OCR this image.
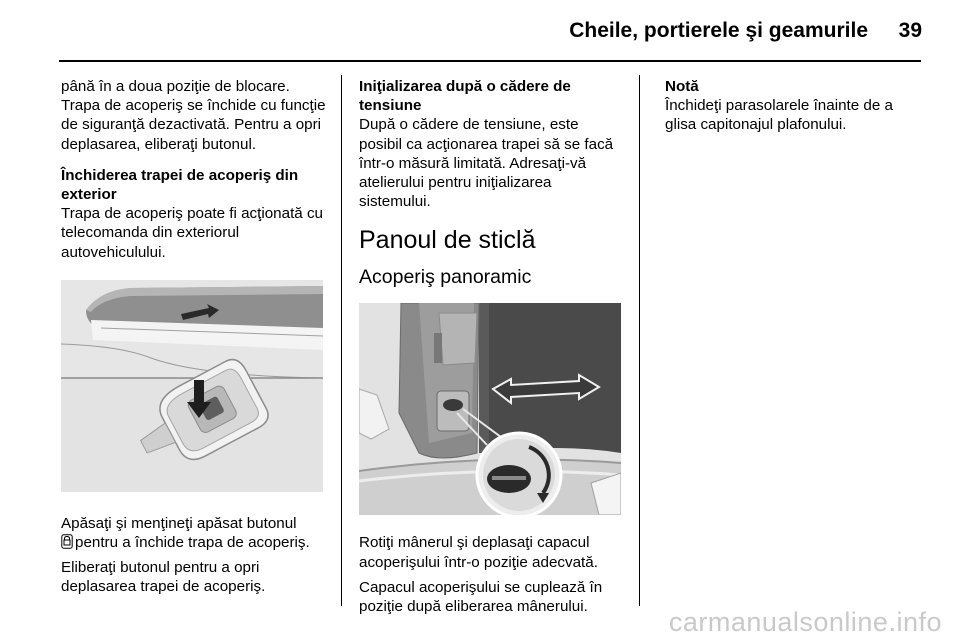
Cheile, portierele şi geamurile 39

până în a doua poziţie de blocare. Trapa de acoperiş se închide cu funcţie de siguranţă dezactivată. Pentru a opri deplasarea, eliberaţi butonul.

Închiderea trapei de acoperiş din exterior
Trapa de acoperiş poate fi acţionată cu telecomanda din exteriorul autovehiculului.

Apăsaţi şi menţineţi apăsat butonul
pentru a închide trapa de acoperiş.

Eliberaţi butonul pentru a opri deplasarea trapei de acoperiş.

Iniţializarea după o cădere de tensiune
După o cădere de tensiune, este posibil ca acţionarea trapei să se facă într-o măsură limitată. Adresaţi-vă atelierului pentru iniţializarea sistemului.

Panoul de sticlă
Acoperiş panoramic

Rotiţi mânerul şi deplasaţi capacul acoperişului într-o poziţie adecvată.

Capacul acoperişului se cuplează în poziţie după eliberarea mânerului.

Notă
Închideţi parasolarele înainte de a glisa capitonajul plafonului.

carmanualsonline.info
